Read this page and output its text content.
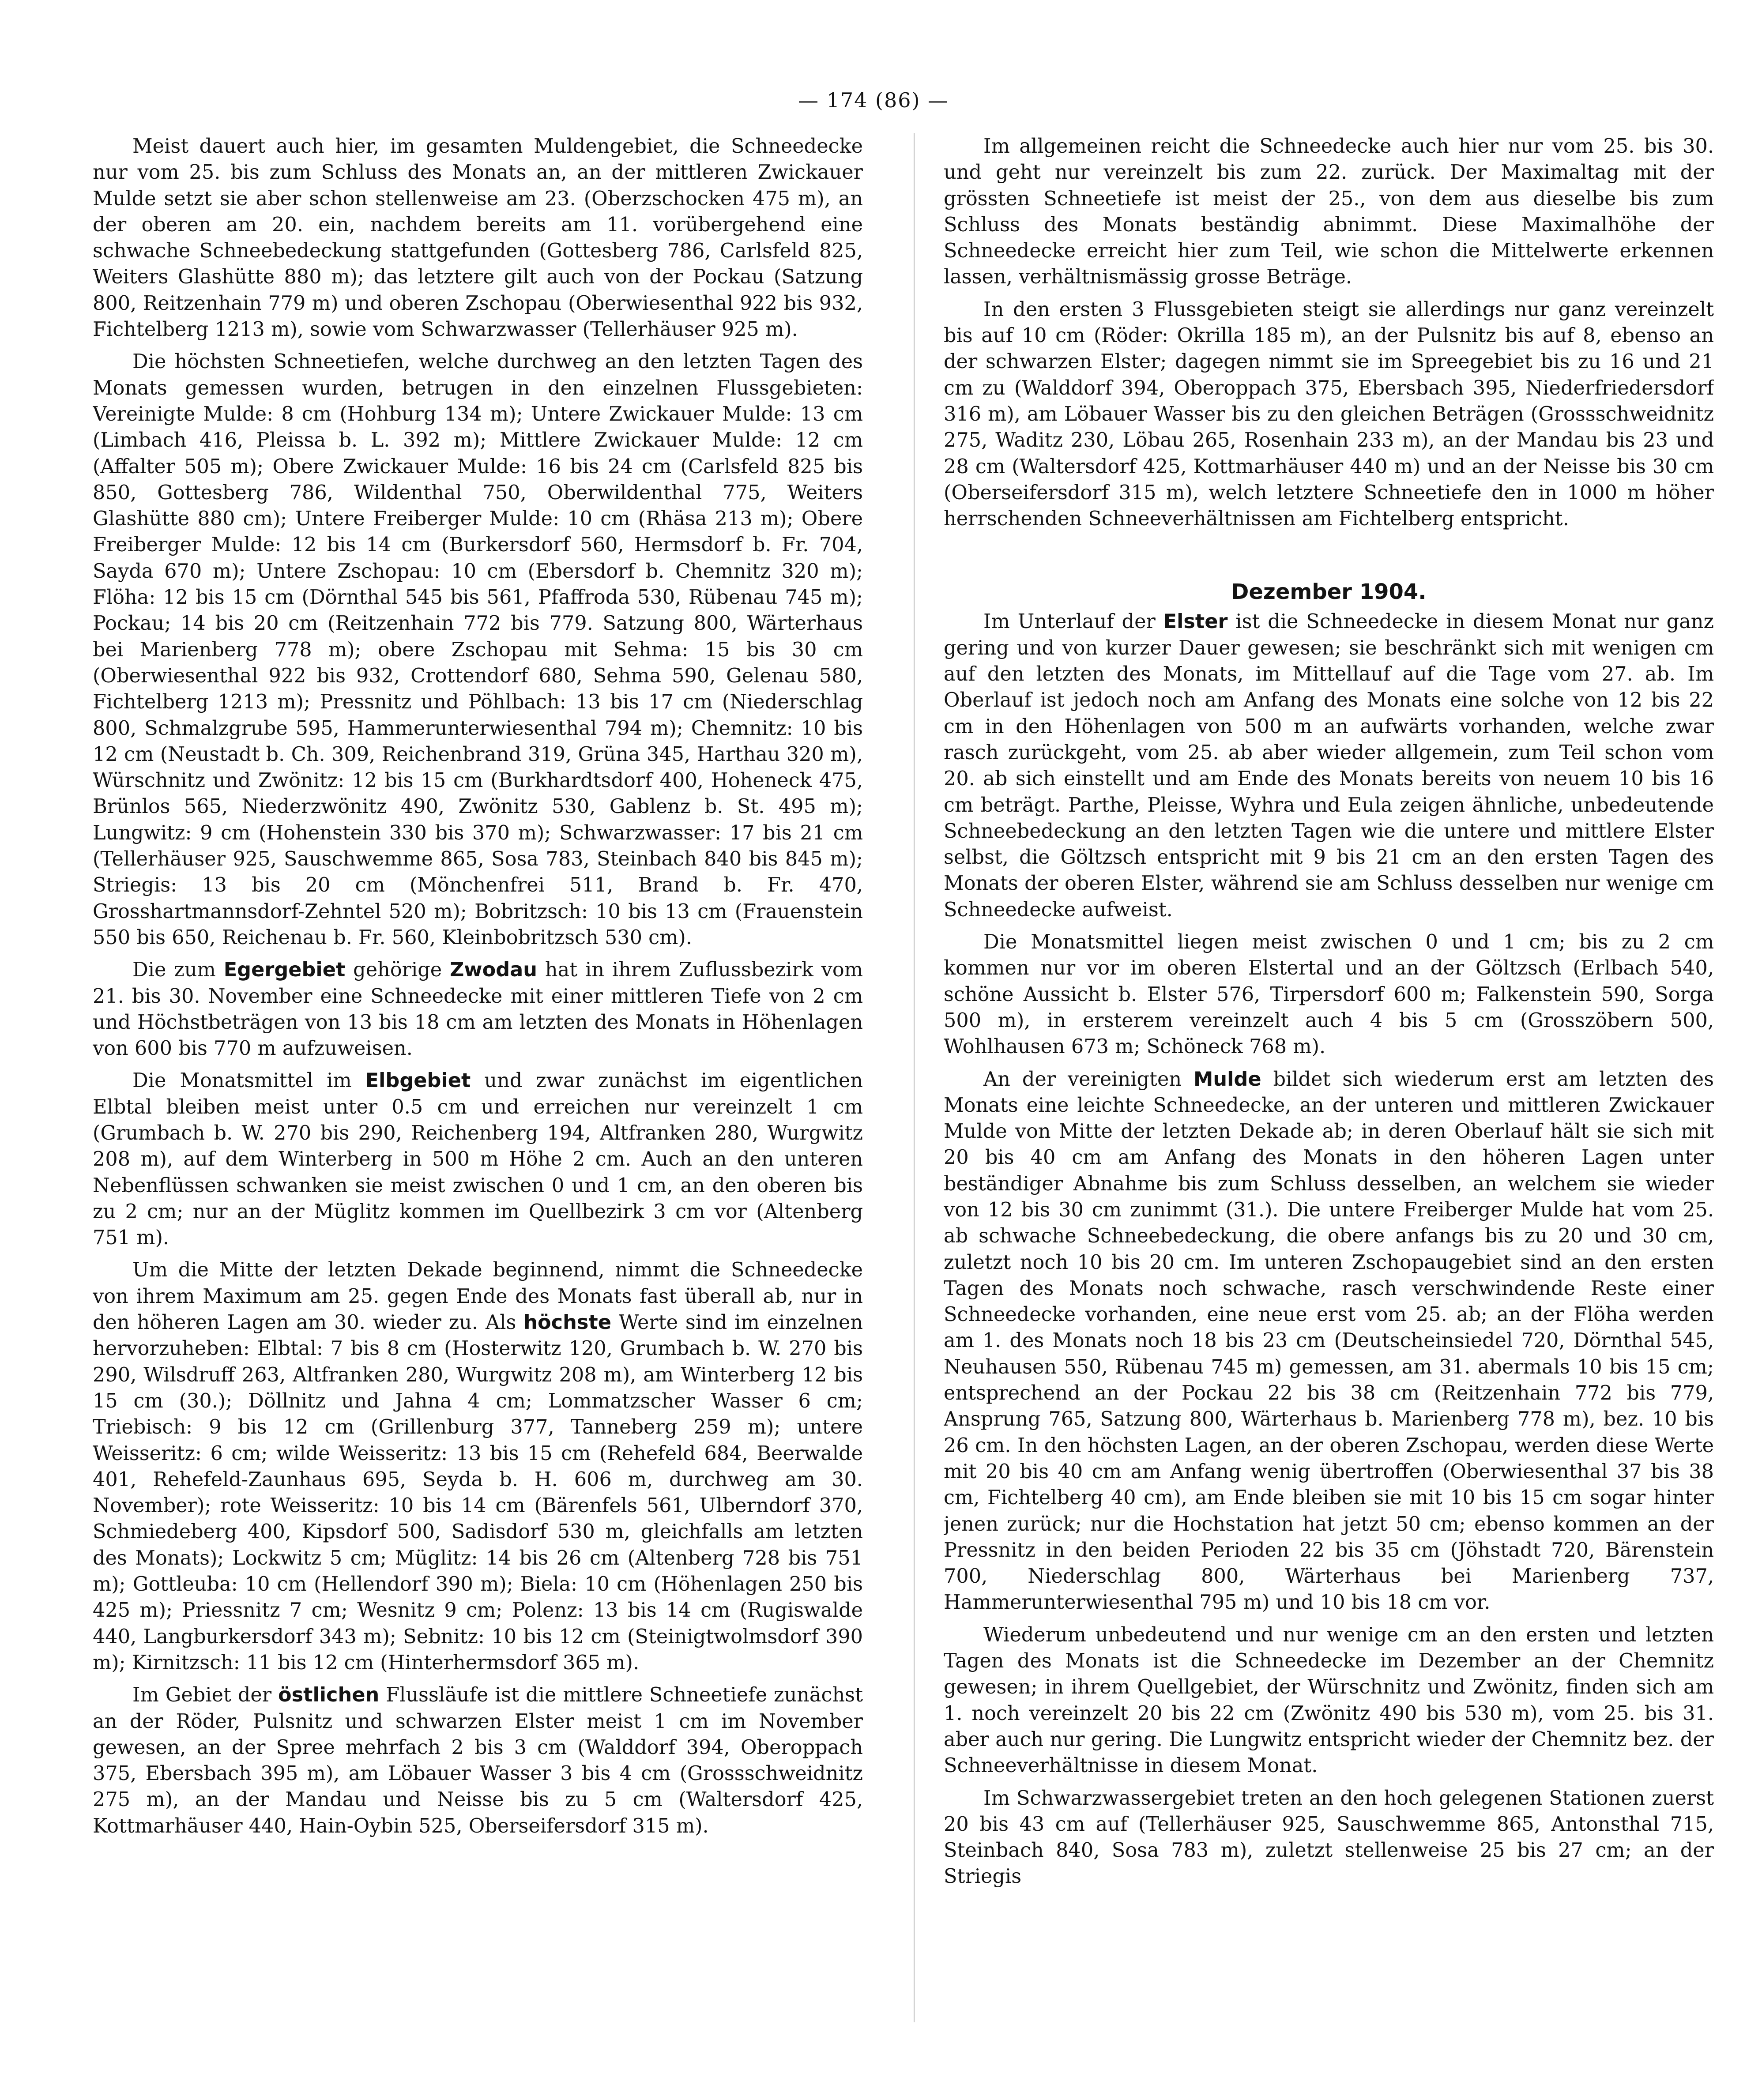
— 174 (86) —

Meist dauert auch hier, im gesamten Muldengebiet, die Schneedecke nur vom 25. bis zum Schluss des Monats an, an der mittleren Zwickauer Mulde setzt sie aber schon stellenweise am 23. (Oberzschocken 475 m), an der oberen am 20. ein, nachdem bereits am 11. vorübergehend eine schwache Schneebedeckung stattgefunden (Gottesberg 786, Carlsfeld 825, Weiters Glashütte 880 m); das letztere gilt auch von der Pockau (Satzung 800, Reitzenhain 779 m) und oberen Zschopau (Oberwiesenthal 922 bis 932, Fichtelberg 1213 m), sowie vom Schwarzwasser (Tellerhäuser 925 m).

Die höchsten Schneetiefen, welche durchweg an den letzten Tagen des Monats gemessen wurden, betrugen in den einzelnen Flussgebieten: Vereinigte Mulde: 8 cm (Hohburg 134 m); Untere Zwickauer Mulde: 13 cm (Limbach 416, Pleissa b. L. 392 m); Mittlere Zwickauer Mulde: 12 cm (Affalter 505 m); Obere Zwickauer Mulde: 16 bis 24 cm (Carlsfeld 825 bis 850, Gottesberg 786, Wildenthal 750, Oberwildenthal 775, Weiters Glashütte 880 cm); Untere Freiberger Mulde: 10 cm (Rhäsa 213 m); Obere Freiberger Mulde: 12 bis 14 cm (Burkersdorf 560, Hermsdorf b. Fr. 704, Sayda 670 m); Untere Zschopau: 10 cm (Ebersdorf b. Chemnitz 320 m); Flöha: 12 bis 15 cm (Dörnthal 545 bis 561, Pfaffroda 530, Rübenau 745 m); Pockau; 14 bis 20 cm (Reitzenhain 772 bis 779. Satzung 800, Wärterhaus bei Marienberg 778 m); obere Zschopau mit Sehma: 15 bis 30 cm (Oberwiesenthal 922 bis 932, Crottendorf 680, Sehma 590, Gelenau 580, Fichtelberg 1213 m); Pressnitz und Pöhlbach: 13 bis 17 cm (Niederschlag 800, Schmalzgrube 595, Hammerunterwiesenthal 794 m); Chemnitz: 10 bis 12 cm (Neustadt b. Ch. 309, Reichenbrand 319, Grüna 345, Harthau 320 m), Würschnitz und Zwönitz: 12 bis 15 cm (Burkhardtsdorf 400, Hoheneck 475, Brünlos 565, Niederzwönitz 490, Zwönitz 530, Gablenz b. St. 495 m); Lungwitz: 9 cm (Hohenstein 330 bis 370 m); Schwarzwasser: 17 bis 21 cm (Tellerhäuser 925, Sauschwemme 865, Sosa 783, Steinbach 840 bis 845 m); Striegis: 13 bis 20 cm (Mönchenfrei 511, Brand b. Fr. 470, Grosshartmannsdorf-Zehntel 520 m); Bobritzsch: 10 bis 13 cm (Frauenstein 550 bis 650, Reichenau b. Fr. 560, Kleinbobritzsch 530 cm).

Die zum Egergebiet gehörige Zwodau hat in ihrem Zuflussbezirk vom 21. bis 30. November eine Schneedecke mit einer mittleren Tiefe von 2 cm und Höchstbeträgen von 13 bis 18 cm am letzten des Monats in Höhenlagen von 600 bis 770 m aufzuweisen.

Die Monatsmittel im Elbgebiet und zwar zunächst im eigentlichen Elbtal bleiben meist unter 0.5 cm und erreichen nur vereinzelt 1 cm (Grumbach b. W. 270 bis 290, Reichenberg 194, Altfranken 280, Wurgwitz 208 m), auf dem Winterberg in 500 m Höhe 2 cm. Auch an den unteren Nebenflüssen schwanken sie meist zwischen 0 und 1 cm, an den oberen bis zu 2 cm; nur an der Müglitz kommen im Quellbezirk 3 cm vor (Altenberg 751 m).

Um die Mitte der letzten Dekade beginnend, nimmt die Schneedecke von ihrem Maximum am 25. gegen Ende des Monats fast überall ab, nur in den höheren Lagen am 30. wieder zu. Als höchste Werte sind im einzelnen hervorzuheben: Elbtal: 7 bis 8 cm (Hosterwitz 120, Grumbach b. W. 270 bis 290, Wilsdruff 263, Altfranken 280, Wurgwitz 208 m), am Winterberg 12 bis 15 cm (30.); Döllnitz und Jahna 4 cm; Lommatzscher Wasser 6 cm; Triebisch: 9 bis 12 cm (Grillenburg 377, Tanneberg 259 m); untere Weisseritz: 6 cm; wilde Weisseritz: 13 bis 15 cm (Rehefeld 684, Beerwalde 401, Rehefeld-Zaunhaus 695, Seyda b. H. 606 m, durchweg am 30. November); rote Weisseritz: 10 bis 14 cm (Bärenfels 561, Ulberndorf 370, Schmiedeberg 400, Kipsdorf 500, Sadisdorf 530 m, gleichfalls am letzten des Monats); Lockwitz 5 cm; Müglitz: 14 bis 26 cm (Altenberg 728 bis 751 m); Gottleuba: 10 cm (Hellendorf 390 m); Biela: 10 cm (Höhenlagen 250 bis 425 m); Priessnitz 7 cm; Wesnitz 9 cm; Polenz: 13 bis 14 cm (Rugiswalde 440, Langburkersdorf 343 m); Sebnitz: 10 bis 12 cm (Steinigtwolmsdorf 390 m); Kirnitzsch: 11 bis 12 cm (Hinterhermsdorf 365 m).

Im Gebiet der östlichen Flussläufe ist die mittlere Schneetiefe zunächst an der Röder, Pulsnitz und schwarzen Elster meist 1 cm im November gewesen, an der Spree mehrfach 2 bis 3 cm (Walddorf 394, Oberoppach 375, Ebersbach 395 m), am Löbauer Wasser 3 bis 4 cm (Grossschweidnitz 275 m), an der Mandau und Neisse bis zu 5 cm (Waltersdorf 425, Kottmarhäuser 440, Hain-Oybin 525, Oberseifersdorf 315 m).

Im allgemeinen reicht die Schneedecke auch hier nur vom 25. bis 30. und geht nur vereinzelt bis zum 22. zurück. Der Maximaltag mit der grössten Schneetiefe ist meist der 25., von dem aus dieselbe bis zum Schluss des Monats beständig abnimmt. Diese Maximalhöhe der Schneedecke erreicht hier zum Teil, wie schon die Mittelwerte erkennen lassen, verhältnismässig grosse Beträge.

In den ersten 3 Flussgebieten steigt sie allerdings nur ganz vereinzelt bis auf 10 cm (Röder: Okrilla 185 m), an der Pulsnitz bis auf 8, ebenso an der schwarzen Elster; dagegen nimmt sie im Spreegebiet bis zu 16 und 21 cm zu (Walddorf 394, Oberoppach 375, Ebersbach 395, Niederfriedersdorf 316 m), am Löbauer Wasser bis zu den gleichen Beträgen (Grossschweidnitz 275, Waditz 230, Löbau 265, Rosenhain 233 m), an der Mandau bis 23 und 28 cm (Waltersdorf 425, Kottmarhäuser 440 m) und an der Neisse bis 30 cm (Oberseifersdorf 315 m), welch letztere Schneetiefe den in 1000 m höher herrschenden Schneeverhältnissen am Fichtelberg entspricht.

Dezember 1904.

Im Unterlauf der Elster ist die Schneedecke in diesem Monat nur ganz gering und von kurzer Dauer gewesen; sie beschränkt sich mit wenigen cm auf den letzten des Monats, im Mittellauf auf die Tage vom 27. ab. Im Oberlauf ist jedoch noch am Anfang des Monats eine solche von 12 bis 22 cm in den Höhenlagen von 500 m an aufwärts vorhanden, welche zwar rasch zurückgeht, vom 25. ab aber wieder allgemein, zum Teil schon vom 20. ab sich einstellt und am Ende des Monats bereits von neuem 10 bis 16 cm beträgt. Parthe, Pleisse, Wyhra und Eula zeigen ähnliche, unbedeutende Schneebedeckung an den letzten Tagen wie die untere und mittlere Elster selbst, die Göltzsch entspricht mit 9 bis 21 cm an den ersten Tagen des Monats der oberen Elster, während sie am Schluss desselben nur wenige cm Schneedecke aufweist.

Die Monatsmittel liegen meist zwischen 0 und 1 cm; bis zu 2 cm kommen nur vor im oberen Elstertal und an der Göltzsch (Erlbach 540, schöne Aussicht b. Elster 576, Tirpersdorf 600 m; Falkenstein 590, Sorga 500 m), in ersterem vereinzelt auch 4 bis 5 cm (Grosszöbern 500, Wohlhausen 673 m; Schöneck 768 m).

An der vereinigten Mulde bildet sich wiederum erst am letzten des Monats eine leichte Schneedecke, an der unteren und mittleren Zwickauer Mulde von Mitte der letzten Dekade ab; in deren Oberlauf hält sie sich mit 20 bis 40 cm am Anfang des Monats in den höheren Lagen unter beständiger Abnahme bis zum Schluss desselben, an welchem sie wieder von 12 bis 30 cm zunimmt (31.). Die untere Freiberger Mulde hat vom 25. ab schwache Schneebedeckung, die obere anfangs bis zu 20 und 30 cm, zuletzt noch 10 bis 20 cm. Im unteren Zschopaugebiet sind an den ersten Tagen des Monats noch schwache, rasch verschwindende Reste einer Schneedecke vorhanden, eine neue erst vom 25. ab; an der Flöha werden am 1. des Monats noch 18 bis 23 cm (Deutscheinsiedel 720, Dörnthal 545, Neuhausen 550, Rübenau 745 m) gemessen, am 31. abermals 10 bis 15 cm; entsprechend an der Pockau 22 bis 38 cm (Reitzenhain 772 bis 779, Ansprung 765, Satzung 800, Wärterhaus b. Marienberg 778 m), bez. 10 bis 26 cm. In den höchsten Lagen, an der oberen Zschopau, werden diese Werte mit 20 bis 40 cm am Anfang wenig übertroffen (Oberwiesenthal 37 bis 38 cm, Fichtelberg 40 cm), am Ende bleiben sie mit 10 bis 15 cm sogar hinter jenen zurück; nur die Hochstation hat jetzt 50 cm; ebenso kommen an der Pressnitz in den beiden Perioden 22 bis 35 cm (Jöhstadt 720, Bärenstein 700, Niederschlag 800, Wärterhaus bei Marienberg 737, Hammerunterwiesenthal 795 m) und 10 bis 18 cm vor.

Wiederum unbedeutend und nur wenige cm an den ersten und letzten Tagen des Monats ist die Schneedecke im Dezember an der Chemnitz gewesen; in ihrem Quellgebiet, der Würschnitz und Zwönitz, finden sich am 1. noch vereinzelt 20 bis 22 cm (Zwönitz 490 bis 530 m), vom 25. bis 31. aber auch nur gering. Die Lungwitz entspricht wieder der Chemnitz bez. der Schneeverhältnisse in diesem Monat.

Im Schwarzwassergebiet treten an den hoch gelegenen Stationen zuerst 20 bis 43 cm auf (Tellerhäuser 925, Sauschwemme 865, Antonsthal 715, Steinbach 840, Sosa 783 m), zuletzt stellenweise 25 bis 27 cm; an der Striegis
